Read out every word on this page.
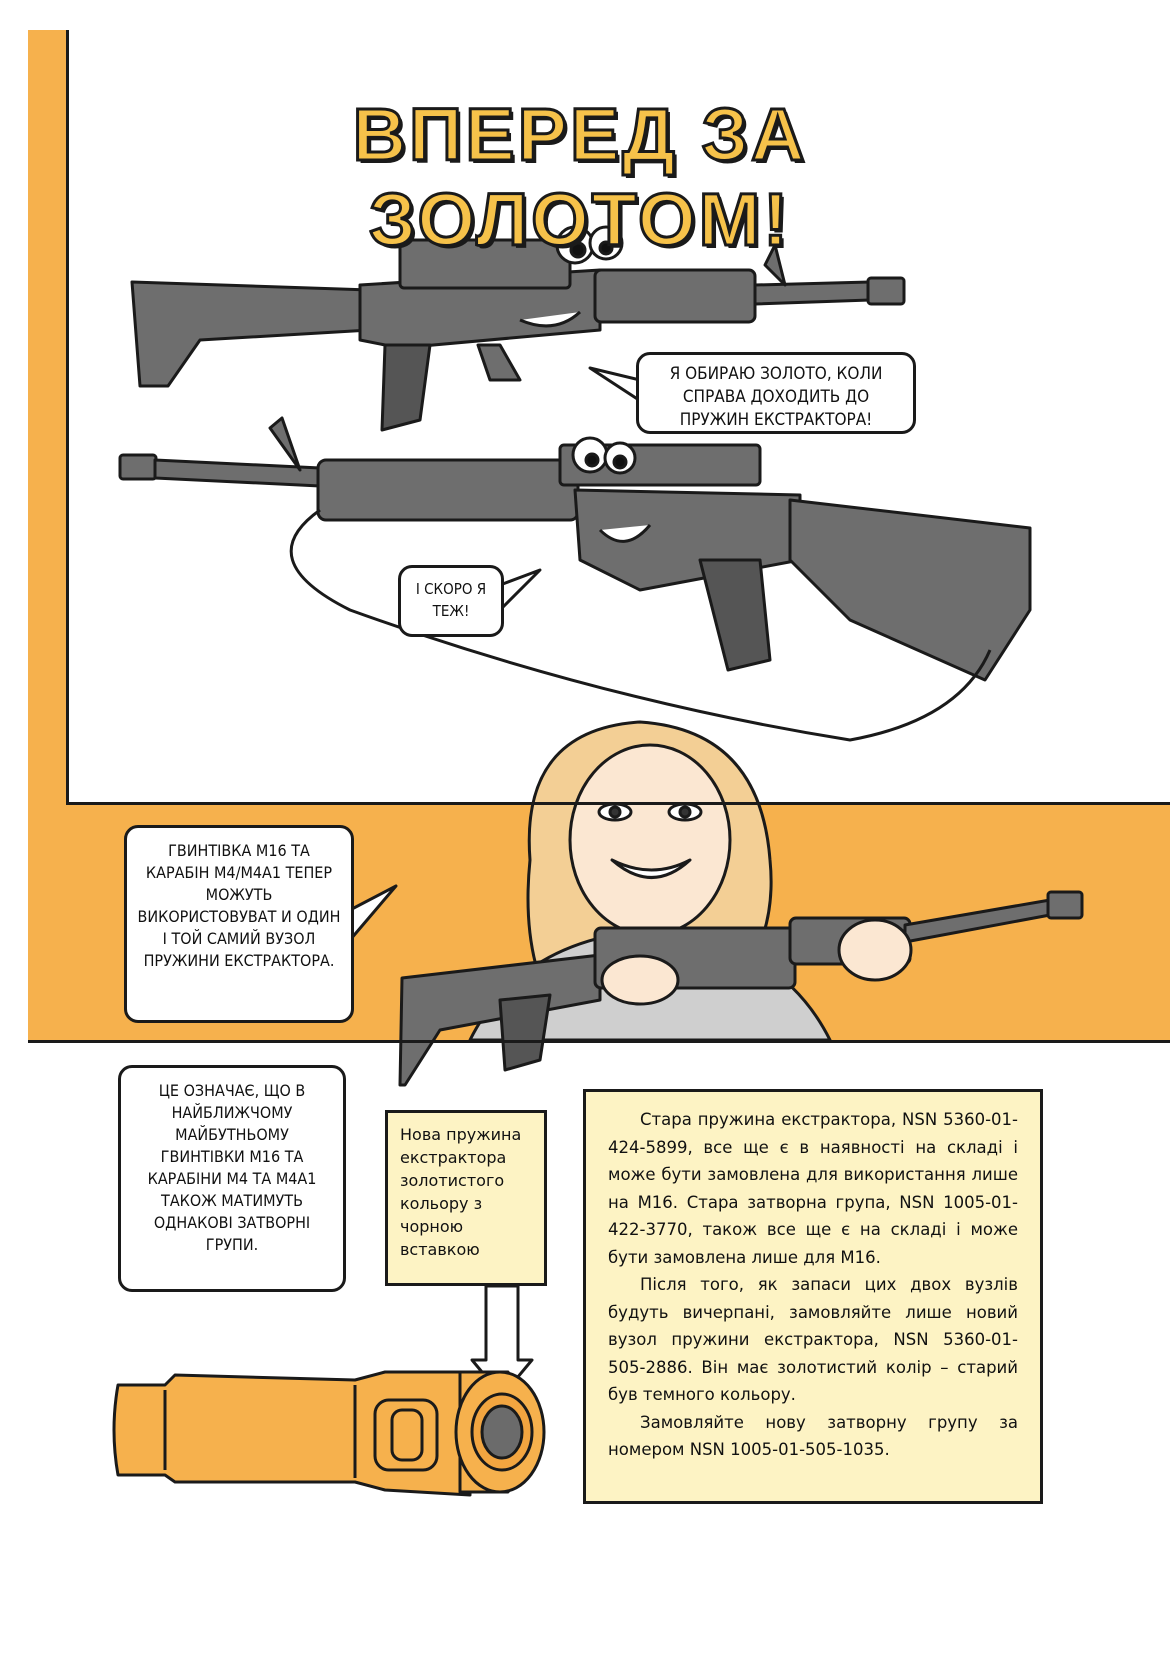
ВПЕРЕД ЗА ЗОЛОТОМ!
Я ОБИРАЮ ЗОЛОТО, КОЛИ СПРАВА ДОХОДИТЬ ДО ПРУЖИН ЕКСТРАКТОРА!
І СКОРО Я ТЕЖ!
ГВИНТІВКА M16 ТА КАРАБІН M4/M4A1 ТЕПЕР МОЖУТЬ ВИКОРИСТОВУВАТ И ОДИН І ТОЙ САМИЙ ВУЗОЛ ПРУЖИНИ ЕКСТРАКТОРА.
ЦЕ ОЗНАЧАЄ, ЩО В НАЙБЛИЖЧОМУ МАЙБУТНЬОМУ ГВИНТІВКИ M16 ТА КАРАБІНИ M4 ТА M4A1 ТАКОЖ МАТИМУТЬ ОДНАКОВІ ЗАТВОРНІ ГРУПИ.
Нова пружина екстрактора золотистого кольору з чорною вставкою

Стара пружина екстрактора, NSN 5360-01-424-5899, все ще є в наявності на складі і може бути замовлена для використання лише на M16. Стара затворна група, NSN 1005-01-422-3770, також все ще є на складі і може бути замовлена лише для M16.

Після того, як запаси цих двох вузлів будуть вичерпані, замовляйте лише новий вузол пружини екстрактора, NSN 5360-01-505-2886. Він має золотистий колір – старий був темного кольору.

Замовляйте нову затворну групу за номером NSN 1005-01-505-1035.
